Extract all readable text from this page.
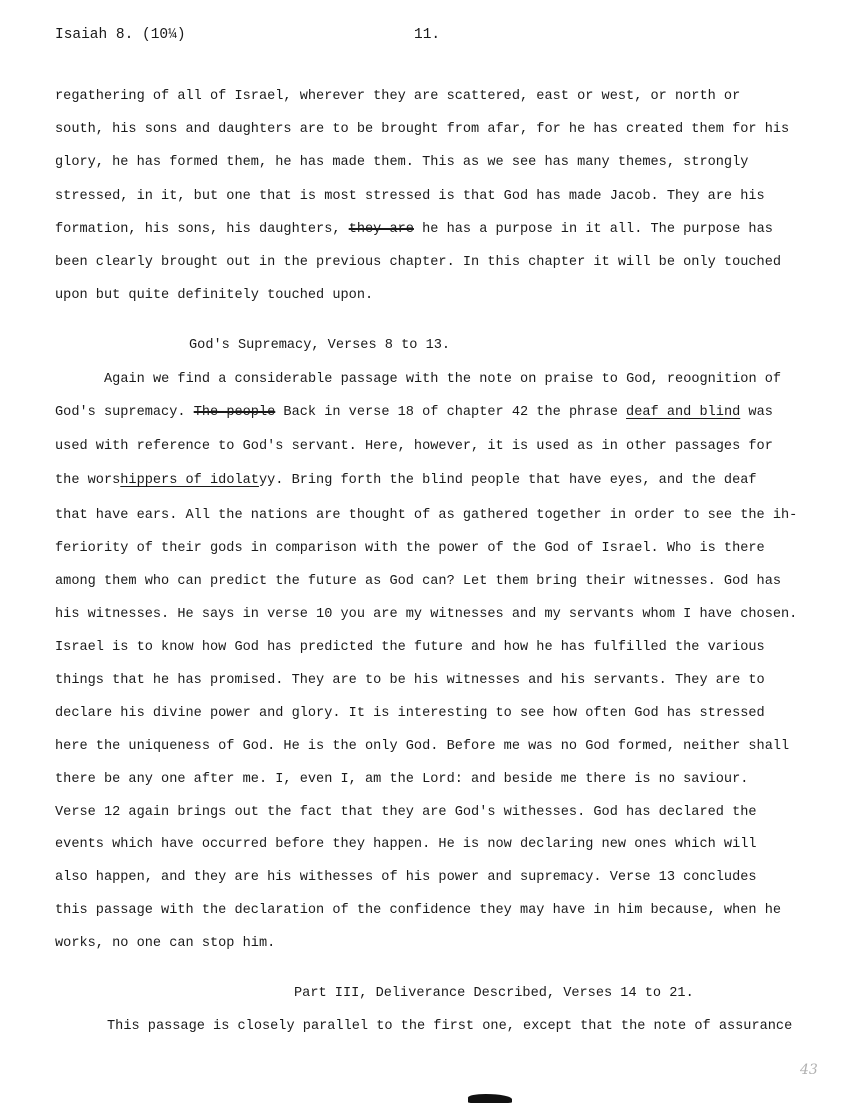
Isaiah 8. (10¼)	11.
regathering of all of Israel, wherever they are scattered, east or west, or north or
south, his sons and daughters are to be brought from afar, for he has created them for his
glory, he has formed them, he has made them. This as we see has many themes, strongly
stressed, in it, but one that is most stressed is that God has made Jacob. They are his
formation, his sons, his daughters, they are he has a purpose in it all. The purpose has
been clearly brought out in the previous chapter. In this chapter it will be only touched
upon but quite definitely touched upon.
God's Supremacy, Verses 8 to 13.
Again we find a considerable passage with the note on praise to God, reoognition of
God's supremacy. The people Back in verse 18 of chapter 42 the phrase deaf and blind was
used with reference to God's servant. Here, however, it is used as in other passages for
the worshippers of idolatyy. Bring forth the blind people that have eyes, and the deaf
that have ears. All the nations are thought of as gathered together in order to see the ih-
feriority of their gods in comparison with the power of the God of Israel. Who is there
among them who can predict the future as God can? Let them bring their witnesses. God has
his witnesses. He says in verse 10 you are my witnesses and my servants whom I have chosen.
Israel is to know how God has predicted the future and how he has fulfilled the various
things that he has promised. They are to be his witnesses and his servants. They are to
declare his divine power and glory. It is interesting to see how often God has stressed
here the uniqueness of God. He is the only God. Before me was no God formed, neither shall
there be any one after me. I, even I, am the Lord: and beside me there is no saviour.
Verse 12 again brings out the fact that they are God's withesses. God has declared the
events which have occurred before they happen. He is now declaring new ones which will
also happen, and they are his withesses of his power and supremacy. Verse 13 concludes
this passage with the declaration of the confidence they may have in him because, when he
works, no one can stop him.
Part III, Deliverance Described, Verses 14 to 21.
This passage is closely parallel to the first one, except that the note of assurance
43
